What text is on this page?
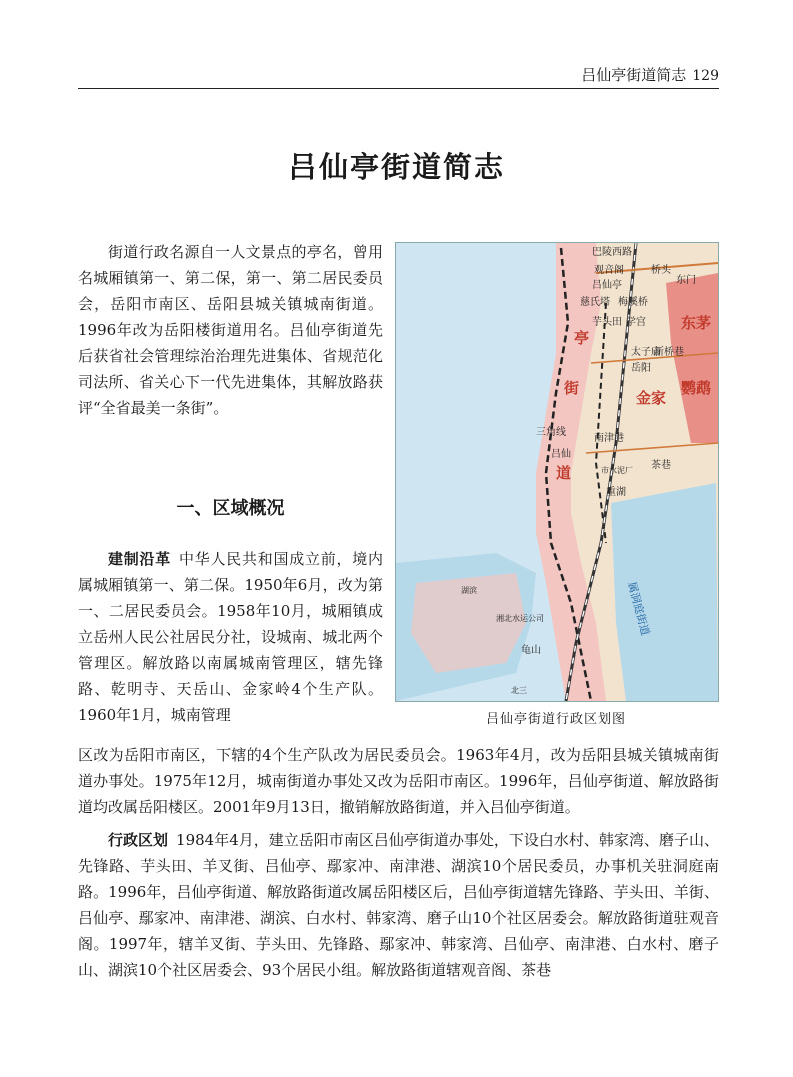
吕仙亭街道简志 129
吕仙亭街道简志
街道行政名源自一人文景点的亭名，曾用名城厢镇第一、第二保，第一、第二居民委员会，岳阳市南区、岳阳县城关镇城南街道。1996年改为岳阳楼街道用名。吕仙亭街道先后获省社会管理综治治理先进集体、省规范化司法所、省关心下一代先进集体，其解放路获评“全省最美一条街”。
一、区域概况
建制沿革 中华人民共和国成立前，境内属城厢镇第一、第二保。1950年6月，改为第一、二居民委员会。1958年10月，城厢镇成立岳州人民公社居民分社，设城南、城北两个管理区。解放路以南属城南管理区，辖先锋路、乾明寺、天岳山、金家岭4个生产队。1960年1月，城南管理
区改为岳阳市南区，下辖的4个生产队改为居民委员会。1963年4月，改为岳阳县城关镇城南街道办事处。1975年12月，城南街道办事处又改为岳阳市南区。1996年，吕仙亭街道、解放路街道均改属岳阳楼区。2001年9月13日，撤销解放路街道，并入吕仙亭街道。
行政区划 1984年4月，建立岳阳市南区吕仙亭街道办事处，下设白水村、韩家湾、磨子山、先锋路、芋头田、羊叉街、吕仙亭、鄢家冲、南津港、湖滨10个居民委员，办事机关驻洞庭南路。1996年，吕仙亭街道、解放路街道改属岳阳楼区后，吕仙亭街道辖先锋路、芋头田、羊街、吕仙亭、鄢家冲、南津港、湖滨、白水村、韩家湾、磨子山10个社区居委会。解放路街道驻观音阁。1997年，辖羊叉街、芋头田、先锋路、鄢家冲、韩家湾、吕仙亭、南津港、白水村、磨子山、湖滨10个社区居委会、93个居民小组。解放路街道辖观音阁、茶巷
巴陵西路
观音阁
吕仙亭	东门
桥头
慈氏塔 梅溪桥
芋头田 学宫
太子庙
新桥巷
岳阳
三角线
南津港
吕仙
重湖
市水泥厂 茶巷
湘北水运公司
龟山
湖滨
北三
亭
街
道
东茅
金家
鹦鹉
属洞庭街道
吕仙亭街道行政区划图
